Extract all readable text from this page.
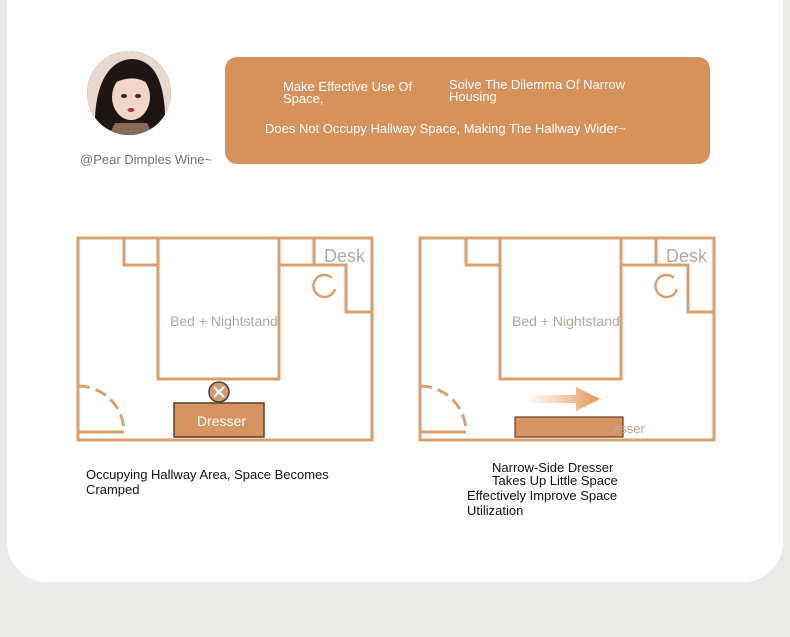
@Pear Dimples Wine~
Make Effective Use Of Space,
Solve The Dilemma Of Narrow Housing
Does Not Occupy Hallway Space, Making The Hallway Wider~
Desk
Bed + Nightstand
Dresser
Desk
Bed + Nightstand
esser
Occupying Hallway Area, Space Becomes Cramped
Narrow-Side Dresser
Takes Up Little Space
Effectively Improve Space Utilization
